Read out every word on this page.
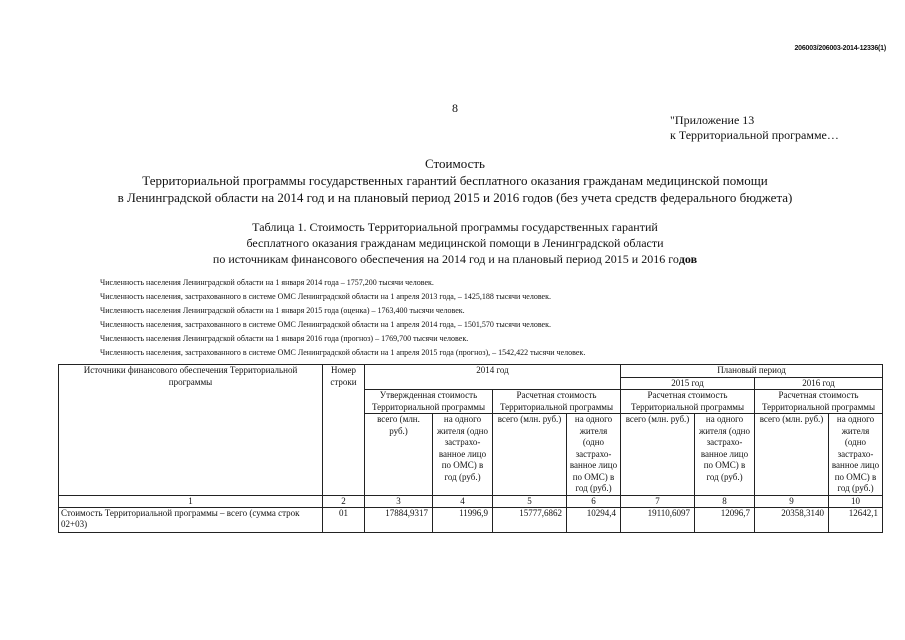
206003/206003-2014-12336(1)
8
"Приложение 13
к Территориальной программе…
Стоимость
Территориальной программы государственных гарантий бесплатного оказания гражданам медицинской помощи
в Ленинградской области на 2014 год и на плановый период 2015 и 2016 годов (без учета средств федерального бюджета)
Таблица 1. Стоимость Территориальной программы государственных гарантий
бесплатного оказания гражданам медицинской помощи в Ленинградской области
по источникам финансового обеспечения на 2014 год и на плановый период 2015 и 2016 годов
Численность населения Ленинградской области на 1 января 2014 года – 1757,200 тысячи человек.
Численность населения, застрахованного в системе ОМС Ленинградской области на 1 апреля 2013 года, – 1425,188 тысячи человек.
Численность населения Ленинградской области на 1 января 2015 года (оценка) – 1763,400 тысячи человек.
Численность населения, застрахованного в системе ОМС Ленинградской области на 1 апреля 2014 года, – 1501,570 тысячи человек.
Численность населения Ленинградской области на 1 января 2016 года (прогноз) – 1769,700 тысячи человек.
Численность населения, застрахованного в системе ОМС Ленинградской области на 1 апреля 2015 года (прогноз), – 1542,422 тысячи человек.
Источники финансового обеспечения Территориальной программы	Номер строки	2014 год				Плановый период			
						2015 год		2016 год	
		Утвержденная стоимость Территориальной программы		Расчетная стоимость Территориальной программы		Расчетная стоимость Территориальной программы		Расчетная стоимость Территориальной программы	
		всего (млн. руб.)	на одного жителя (одно застрахо-ванное лицо по ОМС) в год (руб.)	всего (млн. руб.)	на одного жителя (одно застрахо-ванное лицо по ОМС) в год (руб.)	всего (млн. руб.)	на одного жителя (одно застрахо-ванное лицо по ОМС) в год (руб.)	всего (млн. руб.)	на одного жителя (одно застрахо-ванное лицо по ОМС) в год (руб.)
1	2	3	4	5	6	7	8	9	10
Стоимость Территориальной программы – всего (сумма строк 02+03)	01	17884,9317	11996,9	15777,6862	10294,4	19110,6097	12096,7	20358,3140	12642,1
